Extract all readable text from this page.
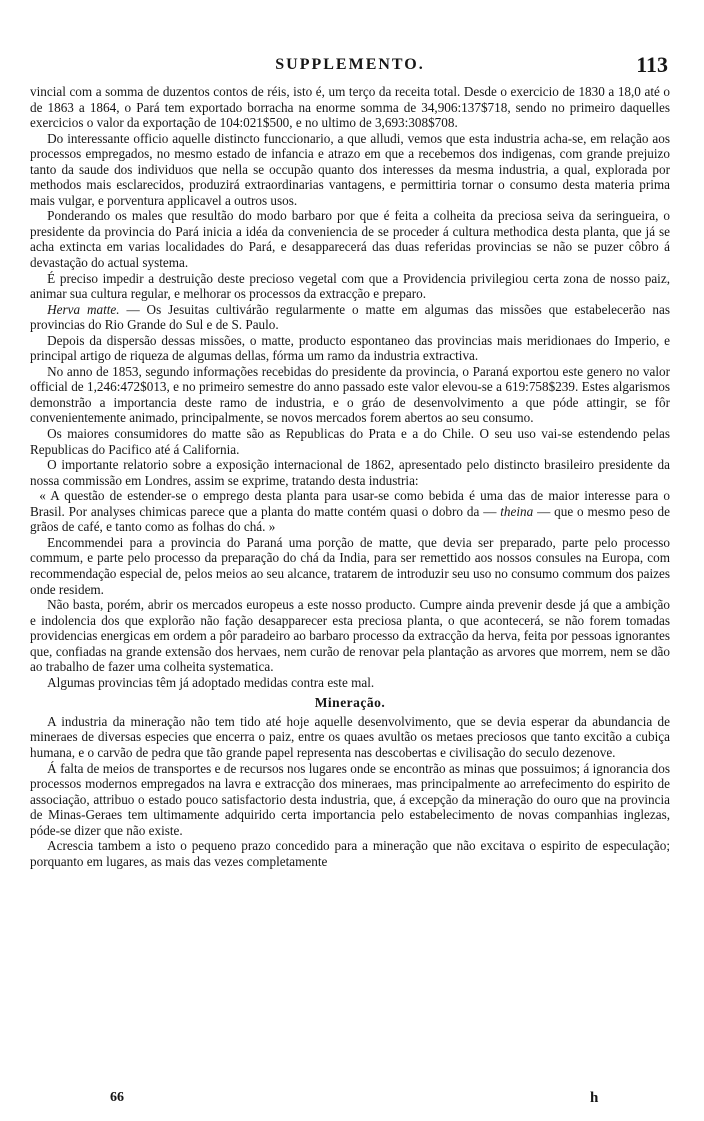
SUPPLEMENTO.	113

vincial com a somma de duzentos contos de réis, isto é, um terço da receita total. Desde o exercicio de 1830 a 18,0 até o de 1863 a 1864, o Pará tem exportado borracha na enorme somma de 34,906:137$718, sendo no primeiro daquelles exercicios o valor da exportação de 104:021$500, e no ultimo de 3,693:308$708.

Do interessante officio aquelle distincto funccionario, a que alludi, vemos que esta industria acha-se, em relação aos processos empregados, no mesmo estado de infancia e atrazo em que a recebemos dos indigenas, com grande prejuizo tanto da saude dos individuos que nella se occupão quanto dos interesses da mesma industria, a qual, explorada por methodos mais esclarecidos, produzirá extraordinarias vantagens, e permittiria tornar o consumo desta materia prima mais vulgar, e porventura applicavel a outros usos.

Ponderando os males que resultão do modo barbaro por que é feita a colheita da preciosa seiva da seringueira, o presidente da provincia do Pará inicia a idéa da conveniencia de se proceder á cultura methodica desta planta, que já se acha extincta em varias localidades do Pará, e desapparecerá das duas referidas provincias se não se puzer côbro á devastação do actual systema.

É preciso impedir a destruição deste precioso vegetal com que a Providencia privilegiou certa zona de nosso paiz, animar sua cultura regular, e melhorar os processos da extracção e preparo.

Herva matte. — Os Jesuitas cultivárão regularmente o matte em algumas das missões que estabelecerão nas provincias do Rio Grande do Sul e de S. Paulo.

Depois da dispersão dessas missões, o matte, producto espontaneo das provincias mais meridionaes do Imperio, e principal artigo de riqueza de algumas dellas, fórma um ramo da industria extractiva.

No anno de 1853, segundo informações recebidas do presidente da provincia, o Paraná exportou este genero no valor official de 1,246:472$013, e no primeiro semestre do anno passado este valor elevou-se a 619:758$239. Estes algarismos demonstrão a importancia deste ramo de industria, e o gráo de desenvolvimento a que póde attingir, se fôr convenientemente animado, principalmente, se novos mercados forem abertos ao seu consumo.

Os maiores consumidores do matte são as Republicas do Prata e a do Chile. O seu uso vai-se estendendo pelas Republicas do Pacifico até á California.

O importante relatorio sobre a exposição internacional de 1862, apresentado pelo distincto brasileiro presidente da nossa commissão em Londres, assim se exprime, tratando desta industria:

« A questão de estender-se o emprego desta planta para usar-se como bebida é uma das de maior interesse para o Brasil. Por analyses chimicas parece que a planta do matte contém quasi o dobro da — theina — que o mesmo peso de grãos de café, e tanto como as folhas do chá. »

Encommendei para a provincia do Paraná uma porção de matte, que devia ser preparado, parte pelo processo commum, e parte pelo processo da preparação do chá da India, para ser remettido aos nossos consules na Europa, com recommendação especial de, pelos meios ao seu alcance, tratarem de introduzir seu uso no consumo commum dos paizes onde residem.

Não basta, porém, abrir os mercados europeus a este nosso producto. Cumpre ainda prevenir desde já que a ambição e indolencia dos que explorão não fação desapparecer esta preciosa planta, o que acontecerá, se não forem tomadas providencias energicas em ordem a pôr paradeiro ao barbaro processo da extracção da herva, feita por pessoas ignorantes que, confiadas na grande extensão dos hervaes, nem curão de renovar pela plantação as arvores que morrem, nem se dão ao trabalho de fazer uma colheita systematica.

Algumas provincias têm já adoptado medidas contra este mal.

Mineração.

A industria da mineração não tem tido até hoje aquelle desenvolvimento, que se devia esperar da abundancia de mineraes de diversas especies que encerra o paiz, entre os quaes avultão os metaes preciosos que tanto excitão a cubiça humana, e o carvão de pedra que tão grande papel representa nas descobertas e civilisação do seculo dezenove.

Á falta de meios de transportes e de recursos nos lugares onde se encontrão as minas que possuimos; á ignorancia dos processos modernos empregados na lavra e extracção dos mineraes, mas principalmente ao arrefecimento do espirito de associação, attribuo o estado pouco satisfactorio desta industria, que, á excepção da mineração do ouro que na provincia de Minas-Geraes tem ultimamente adquirido certa importancia pelo estabelecimento de novas companhias inglezas, póde-se dizer que não existe.

Acrescia tambem a isto o pequeno prazo concedido para a mineração que não excitava o espirito de especulação; porquanto em lugares, as mais das vezes completamente

66	h
